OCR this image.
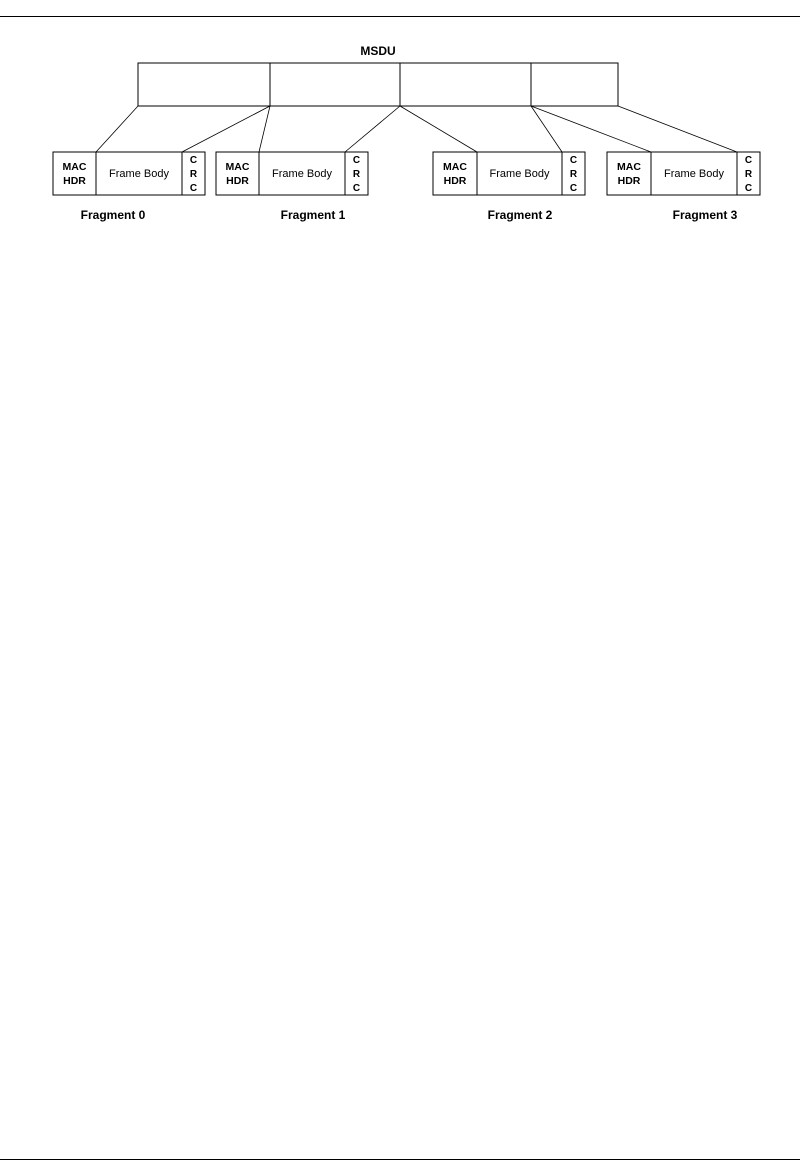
MSDU
MAC
HDR
Frame Body
C
R
C
Fragment 0
MAC
HDR
Frame Body
C
R
C
Fragment 1
MAC
HDR
Frame Body
C
R
C
Fragment 2
MAC
HDR
Frame Body
C
R
C
Fragment 3
